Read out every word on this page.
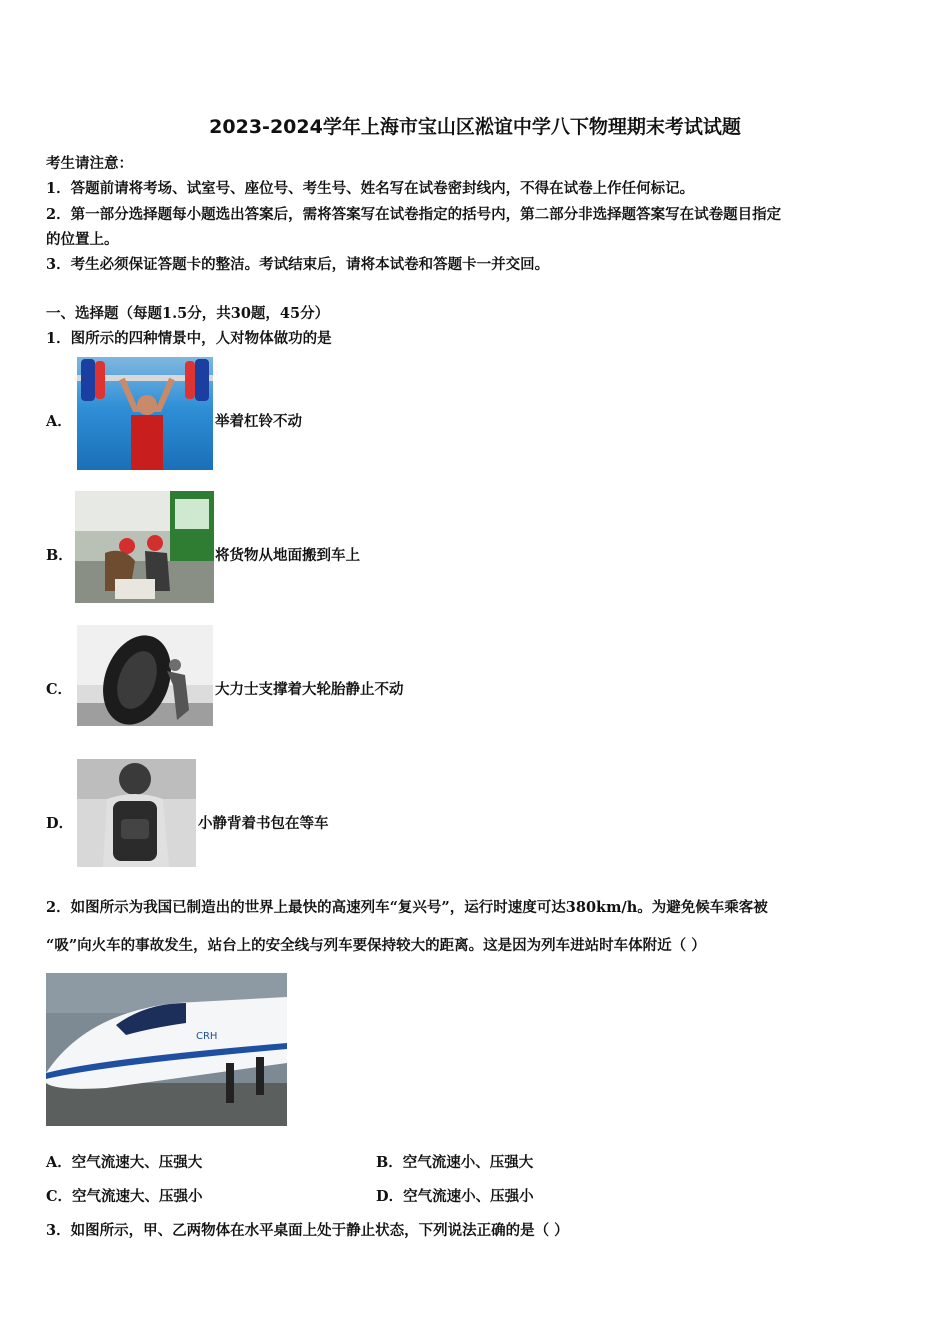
2023-2024学年上海市宝山区淞谊中学八下物理期末考试试题
考生请注意：
1．答题前请将考场、试室号、座位号、考生号、姓名写在试卷密封线内，不得在试卷上作任何标记。
2．第一部分选择题每小题选出答案后，需将答案写在试卷指定的括号内，第二部分非选择题答案写在试卷题目指定
的位置上。
3．考生必须保证答题卡的整洁。考试结束后，请将本试卷和答题卡一并交回。
一、选择题（每题1.5分，共30题，45分）
1．图所示的四种情景中，人对物体做功的是
A．	举着杠铃不动
B．	将货物从地面搬到车上
C．	大力士支撑着大轮胎静止不动
D．	小静背着书包在等车
2．如图所示为我国已制造出的世界上最快的高速列车“复兴号”，运行时速度可达380km/h。为避免候车乘客被
“吸”向火车的事故发生，站台上的安全线与列车要保持较大的距离。这是因为列车进站时车体附近（ ）
CRH
A．空气流速大、压强大	B．空气流速小、压强大
C．空气流速大、压强小	D．空气流速小、压强小
3．如图所示，甲、乙两物体在水平桌面上处于静止状态，下列说法正确的是（ ）
